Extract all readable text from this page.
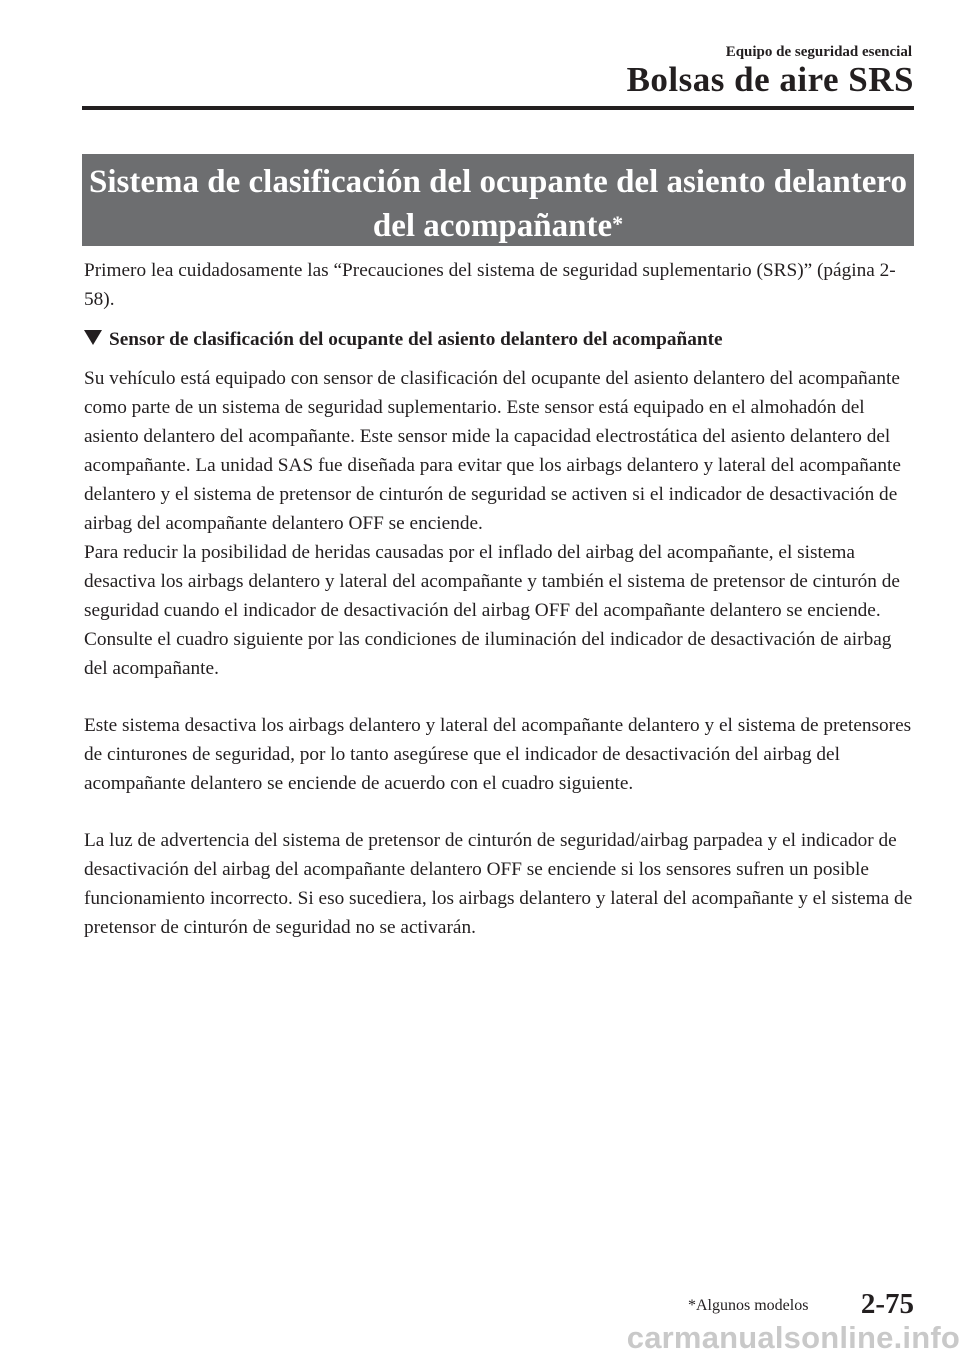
Equipo de seguridad esencial
Bolsas de aire SRS
Sistema de clasificación del ocupante del asiento delantero
del acompañante*

Primero lea cuidadosamente las “Precauciones del sistema de seguridad suplementario (SRS)” (página 2-58).

Sensor de clasificación del ocupante del asiento delantero del acompañante

Su vehículo está equipado con sensor de clasificación del ocupante del asiento delantero del acompañante como parte de un sistema de seguridad suplementario. Este sensor está equipado en el almohadón del asiento delantero del acompañante. Este sensor mide la capacidad electrostática del asiento delantero del acompañante. La unidad SAS fue diseñada para evitar que los airbags delantero y lateral del acompañante delantero y el sistema de pretensor de cinturón de seguridad se activen si el indicador de desactivación de airbag del acompañante delantero OFF se enciende.

Para reducir la posibilidad de heridas causadas por el inflado del airbag del acompañante, el sistema desactiva los airbags delantero y lateral del acompañante y también el sistema de pretensor de cinturón de seguridad cuando el indicador de desactivación del airbag OFF del acompañante delantero se enciende. Consulte el cuadro siguiente por las condiciones de iluminación del indicador de desactivación de airbag del acompañante.

Este sistema desactiva los airbags delantero y lateral del acompañante delantero y el sistema de pretensores de cinturones de seguridad, por lo tanto asegúrese que el indicador de desactivación del airbag del acompañante delantero se enciende de acuerdo con el cuadro siguiente.

La luz de advertencia del sistema de pretensor de cinturón de seguridad/airbag parpadea y el indicador de desactivación del airbag del acompañante delantero OFF se enciende si los sensores sufren un posible funcionamiento incorrecto. Si eso sucediera, los airbags delantero y lateral del acompañante y el sistema de pretensor de cinturón de seguridad no se activarán.

*Algunos modelos 2-75
carmanualsonline.info
